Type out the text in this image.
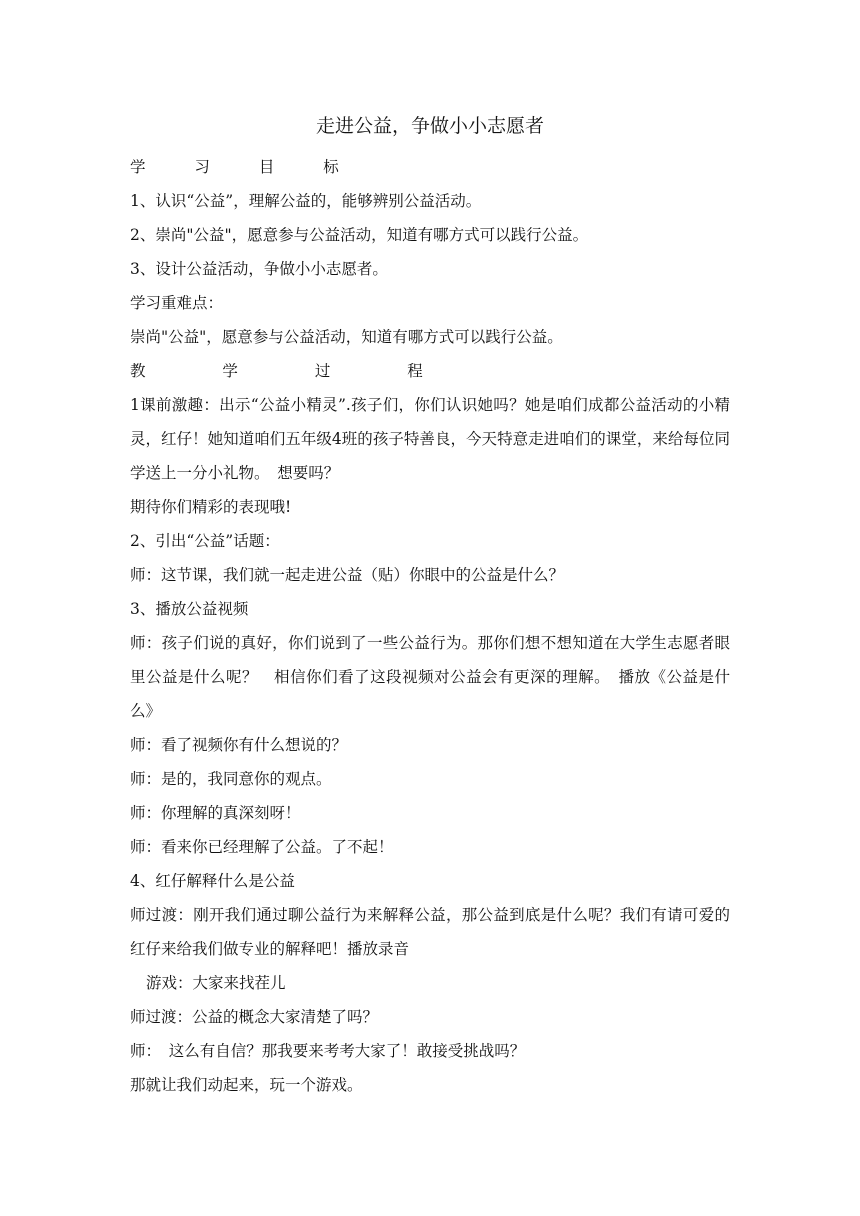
走进公益，争做小小志愿者
学 习 目 标
1、认识“公益”，理解公益的，能够辨别公益活动。
2、崇尚"公益"，愿意参与公益活动，知道有哪方式可以践行公益。
3、设计公益活动，争做小小志愿者。
学习重难点：
崇尚"公益"，愿意参与公益活动，知道有哪方式可以践行公益。
教 学 过 程
1课前激趣：出示“公益小精灵”.孩子们，你们认识她吗？她是咱们成都公益活动的小精灵，红仔！她知道咱们五年级4班的孩子特善良，今天特意走进咱们的课堂，来给每位同学送上一分小礼物。　想要吗？
期待你们精彩的表现哦!
2、引出“公益”话题：
师：这节课，我们就一起走进公益（贴）你眼中的公益是什么？
3、播放公益视频
师：孩子们说的真好，你们说到了一些公益行为。那你们想不想知道在大学生志愿者眼里公益是什么呢？　相信你们看了这段视频对公益会有更深的理解。　播放《公益是什么》
师：看了视频你有什么想说的？
师：是的，我同意你的观点。
师：你理解的真深刻呀！
师：看来你已经理解了公益。了不起！
4、红仔解释什么是公益
师过渡：刚开我们通过聊公益行为来解释公益，那公益到底是什么呢？我们有请可爱的红仔来给我们做专业的解释吧！播放录音
游戏：大家来找茬儿
师过渡：公益的概念大家清楚了吗？
师：　这么有自信？那我要来考考大家了！敢接受挑战吗？
那就让我们动起来，玩一个游戏。
